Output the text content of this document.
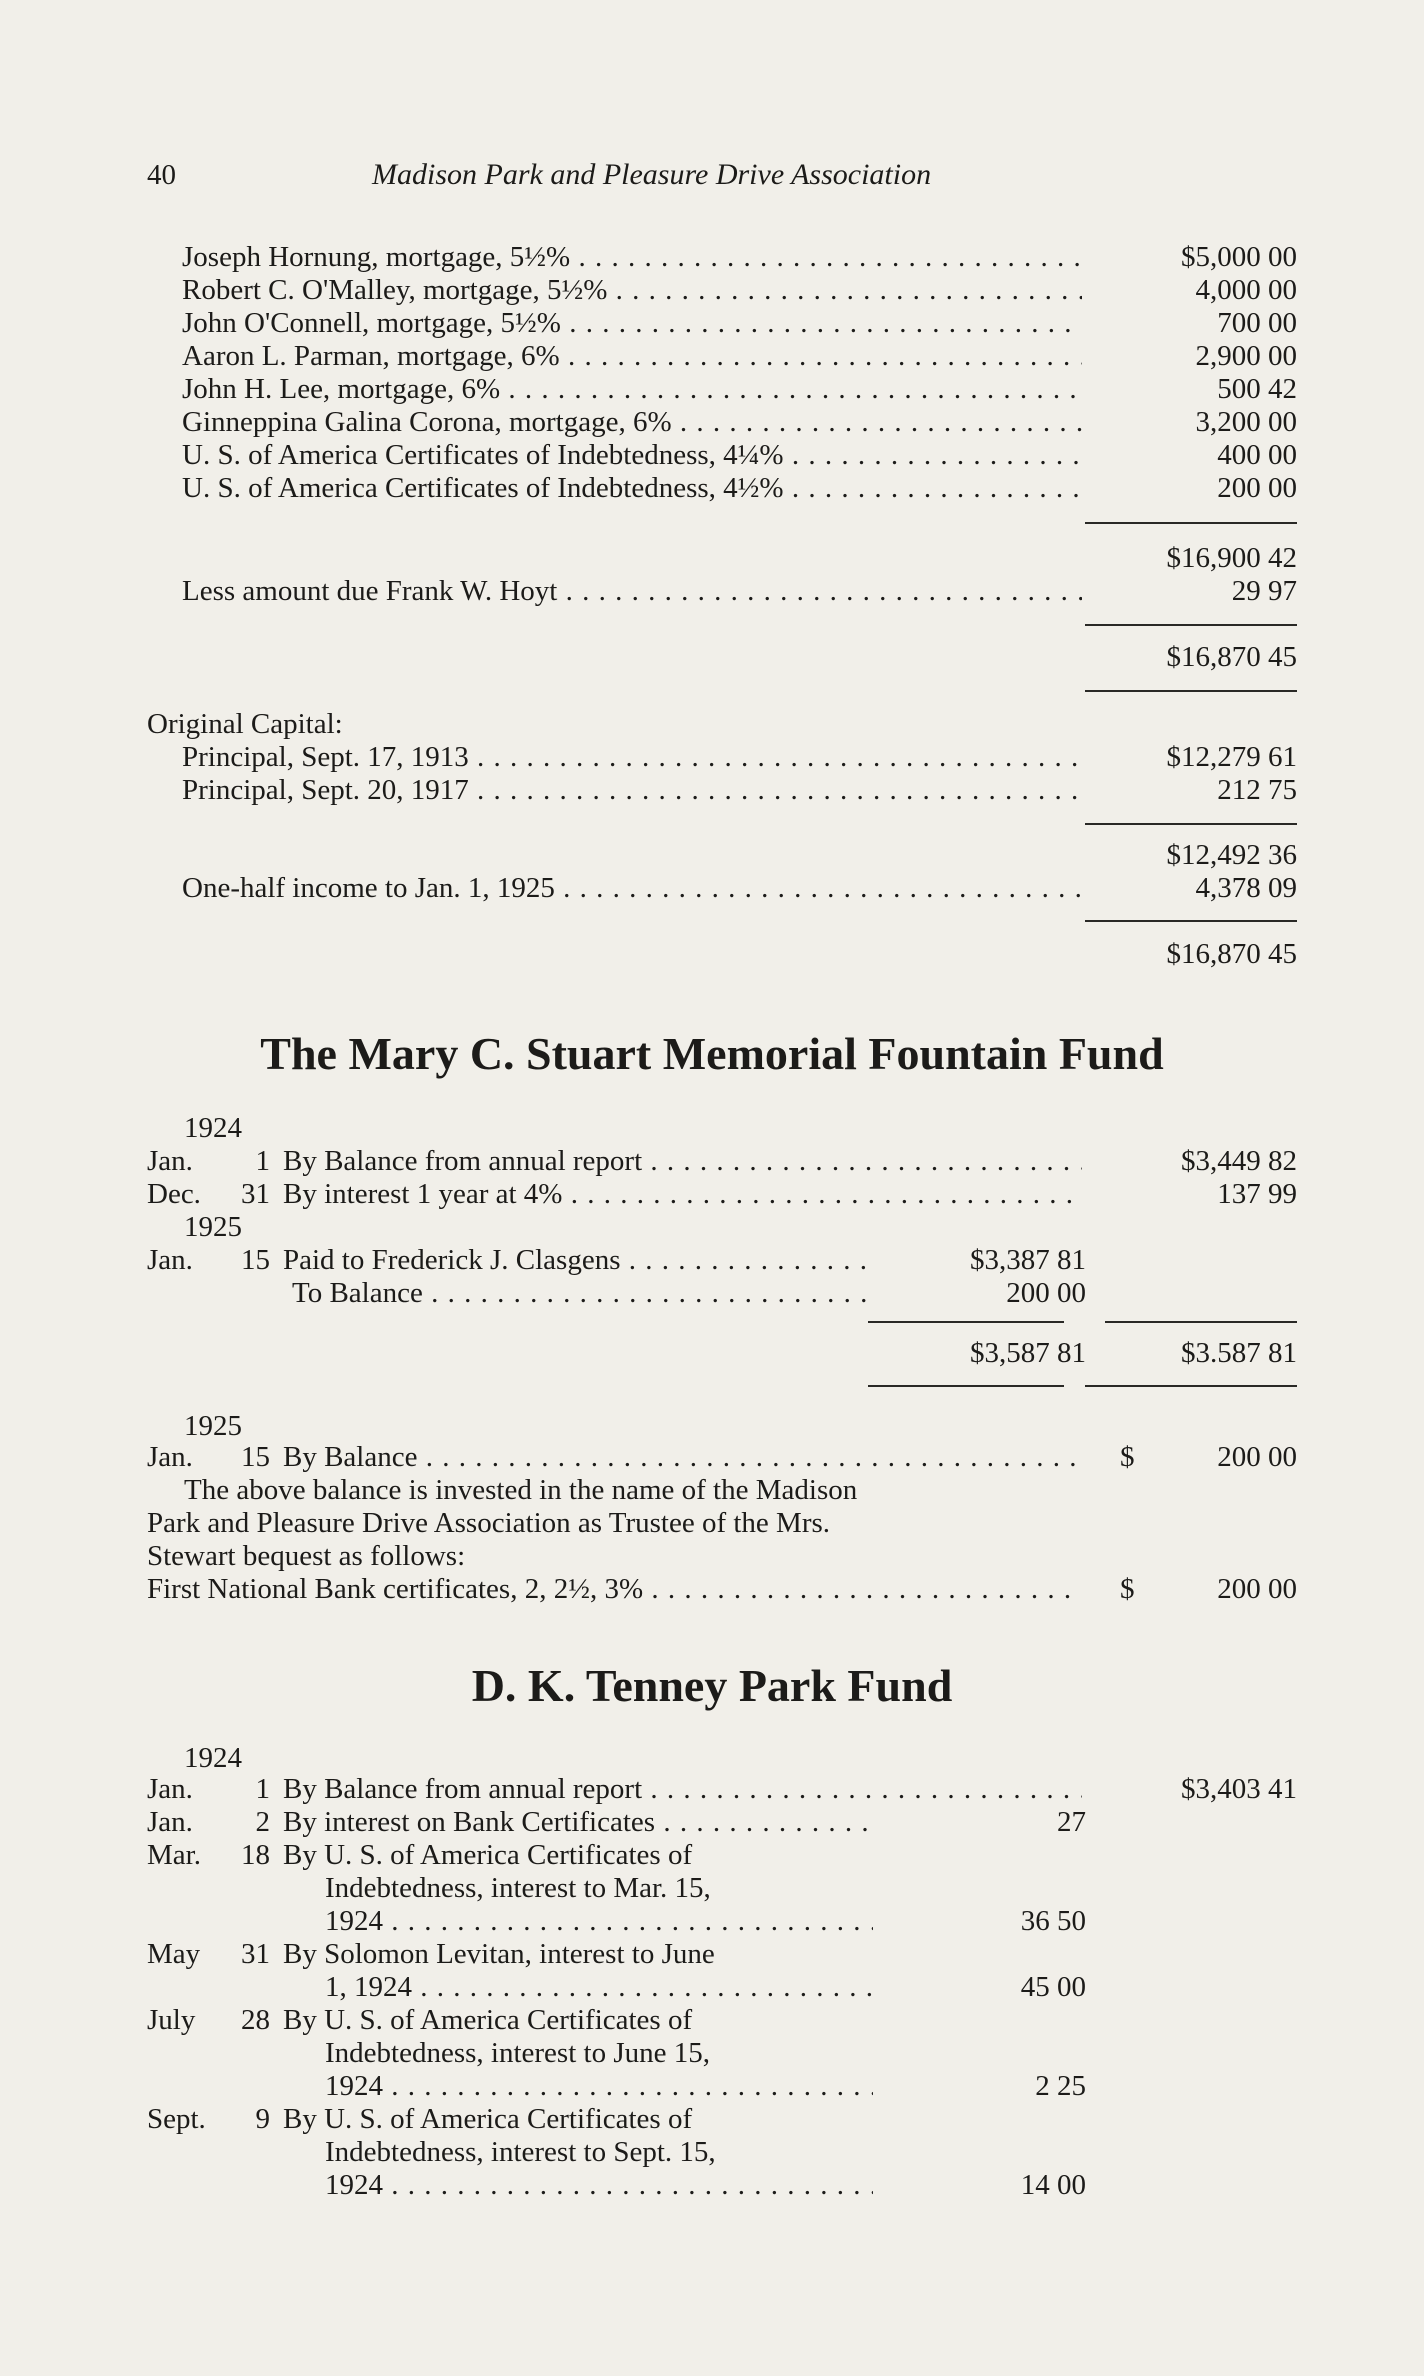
40	Madison Park and Pleasure Drive Association
Joseph Hornung, mortgage, 5½% . . .	$5,000 00
Robert C. O'Malley, mortgage, 5½% . . .	4,000 00
John O'Connell, mortgage, 5½% . . .	700 00
Aaron L. Parman, mortgage, 6% . . .	2,900 00
John H. Lee, mortgage, 6% . . .	500 42
Ginneppina Galina Corona, mortgage, 6% . . .	3,200 00
U. S. of America Certificates of Indebtedness, 4¼% . . .	400 00
U. S. of America Certificates of Indebtedness, 4½% . . .	200 00
$16,900 42
Less amount due Frank W. Hoyt . . .	29 97
$16,870 45
Original Capital:
Principal, Sept. 17, 1913 . . .	$12,279 61
Principal, Sept. 20, 1917 . . .	212 75
$12,492 36
One-half income to Jan. 1, 1925 . . .	4,378 09
$16,870 45
The Mary C. Stuart Memorial Fountain Fund
1924
Jan. 1 By Balance from annual report . . .	$3,449 82
Dec. 31 By interest 1 year at 4% . . .	137 99
1925
Jan. 15 Paid to Frederick J. Clasgens . . .	$3,387 81
To Balance . . .	200 00
$3,587 81	$3.587 81
1925
Jan. 15 By Balance . . .	$	200 00
The above balance is invested in the name of the Madison
Park and Pleasure Drive Association as Trustee of the Mrs.
Stewart bequest as follows:
First National Bank certificates, 2, 2½, 3% . . .	$	200 00
D. K. Tenney Park Fund
1924
Jan. 1 By Balance from annual report . . .	$3,403 41
Jan. 2 By interest on Bank Certificates . . .	27
Mar. 18 By U. S. of America Certificates of
Indebtedness, interest to Mar. 15,
1924 . . .	36 50
May 31 By Solomon Levitan, interest to June
1, 1924 . . .	45 00
July 28 By U. S. of America Certificates of
Indebtedness, interest to June 15,
1924 . . .	2 25
Sept. 9 By U. S. of America Certificates of
Indebtedness, interest to Sept. 15,
1924 . . .	14 00
